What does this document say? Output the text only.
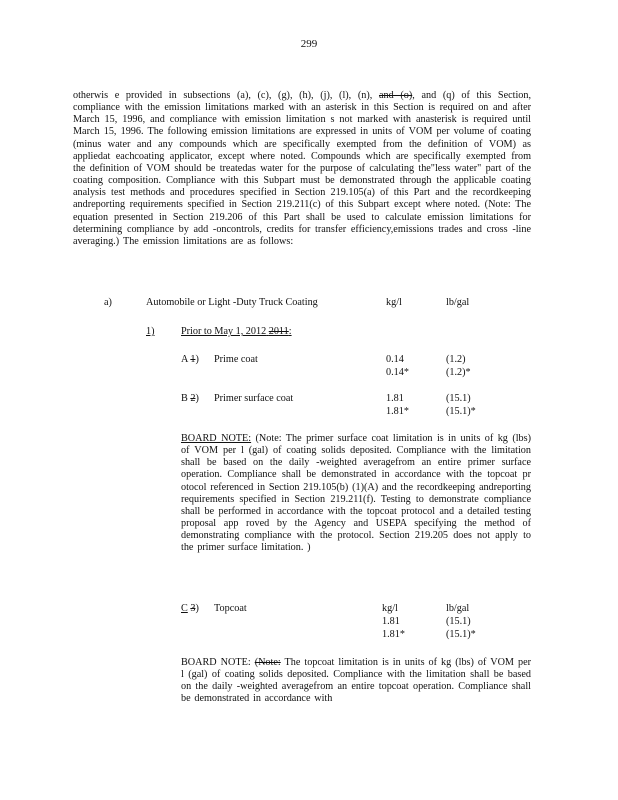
299
otherwis e provided in subsections (a), (c), (g), (h), (j), (l), (n), and (o), and (q) of this Section, compliance with the emission limitations marked with an asterisk in this Section is required on and after March 15, 1996, and compliance with emission limitation s not marked with anasterisk is required until March 15, 1996. The following emission limitations are expressed in units of VOM per volume of coating (minus water and any compounds which are specifically exempted from the definition of VOM) as appliedat eachcoating applicator, except where noted. Compounds which are specifically exempted from the definition of VOM should be treatedas water for the purpose of calculating the"less water" part of the coating composition. Compliance with this Subpart must be demonstrated through the applicable coating analysis test methods and procedures specified in Section 219.105(a) of this Part and the recordkeeping andreporting requirements specified in Section 219.211(c) of this Subpart except where noted. (Note: The equation presented in Section 219.206 of this Part shall be used to calculate emission limitations for determining compliance by add -oncontrols, credits for transfer efficiency,emissions trades and cross -line averaging.) The emission limitations are as follows:
a)	Automobile or Light -Duty Truck Coating	kg/l	lb/gal
1)	Prior to May 1, 2012 2011:
A 1) Prime coat	0.14	(1.2)
0.14*	(1.2)*
B 2) Primer surface coat	1.81	(15.1)
1.81*	(15.1)*
BOARD NOTE: (Note: The primer surface coat limitation is in units of kg (lbs) of VOM per l (gal) of coating solids deposited. Compliance with the limitation shall be based on the daily -weighted averagefrom an entire primer surface operation. Compliance shall be demonstrated in accordance with the topcoat pr otocol referenced in Section 219.105(b) (1)(A) and the recordkeeping andreporting requirements specified in Section 219.211(f). Testing to demonstrate compliance shall be performed in accordance with the topcoat protocol and a detailed testing proposal app roved by the Agency and USEPA specifying the method of demonstrating compliance with the protocol. Section 219.205 does not apply to the primer surface limitation. )
C 3) Topcoat	kg/l	lb/gal
1.81	(15.1)
1.81*	(15.1)*
BOARD NOTE: (Note: The topcoat limitation is in units of kg (lbs) of VOM per l (gal) of coating solids deposited. Compliance with the limitation shall be based on the daily -weighted averagefrom an entire topcoat operation. Compliance shall be demonstrated in accordance with
